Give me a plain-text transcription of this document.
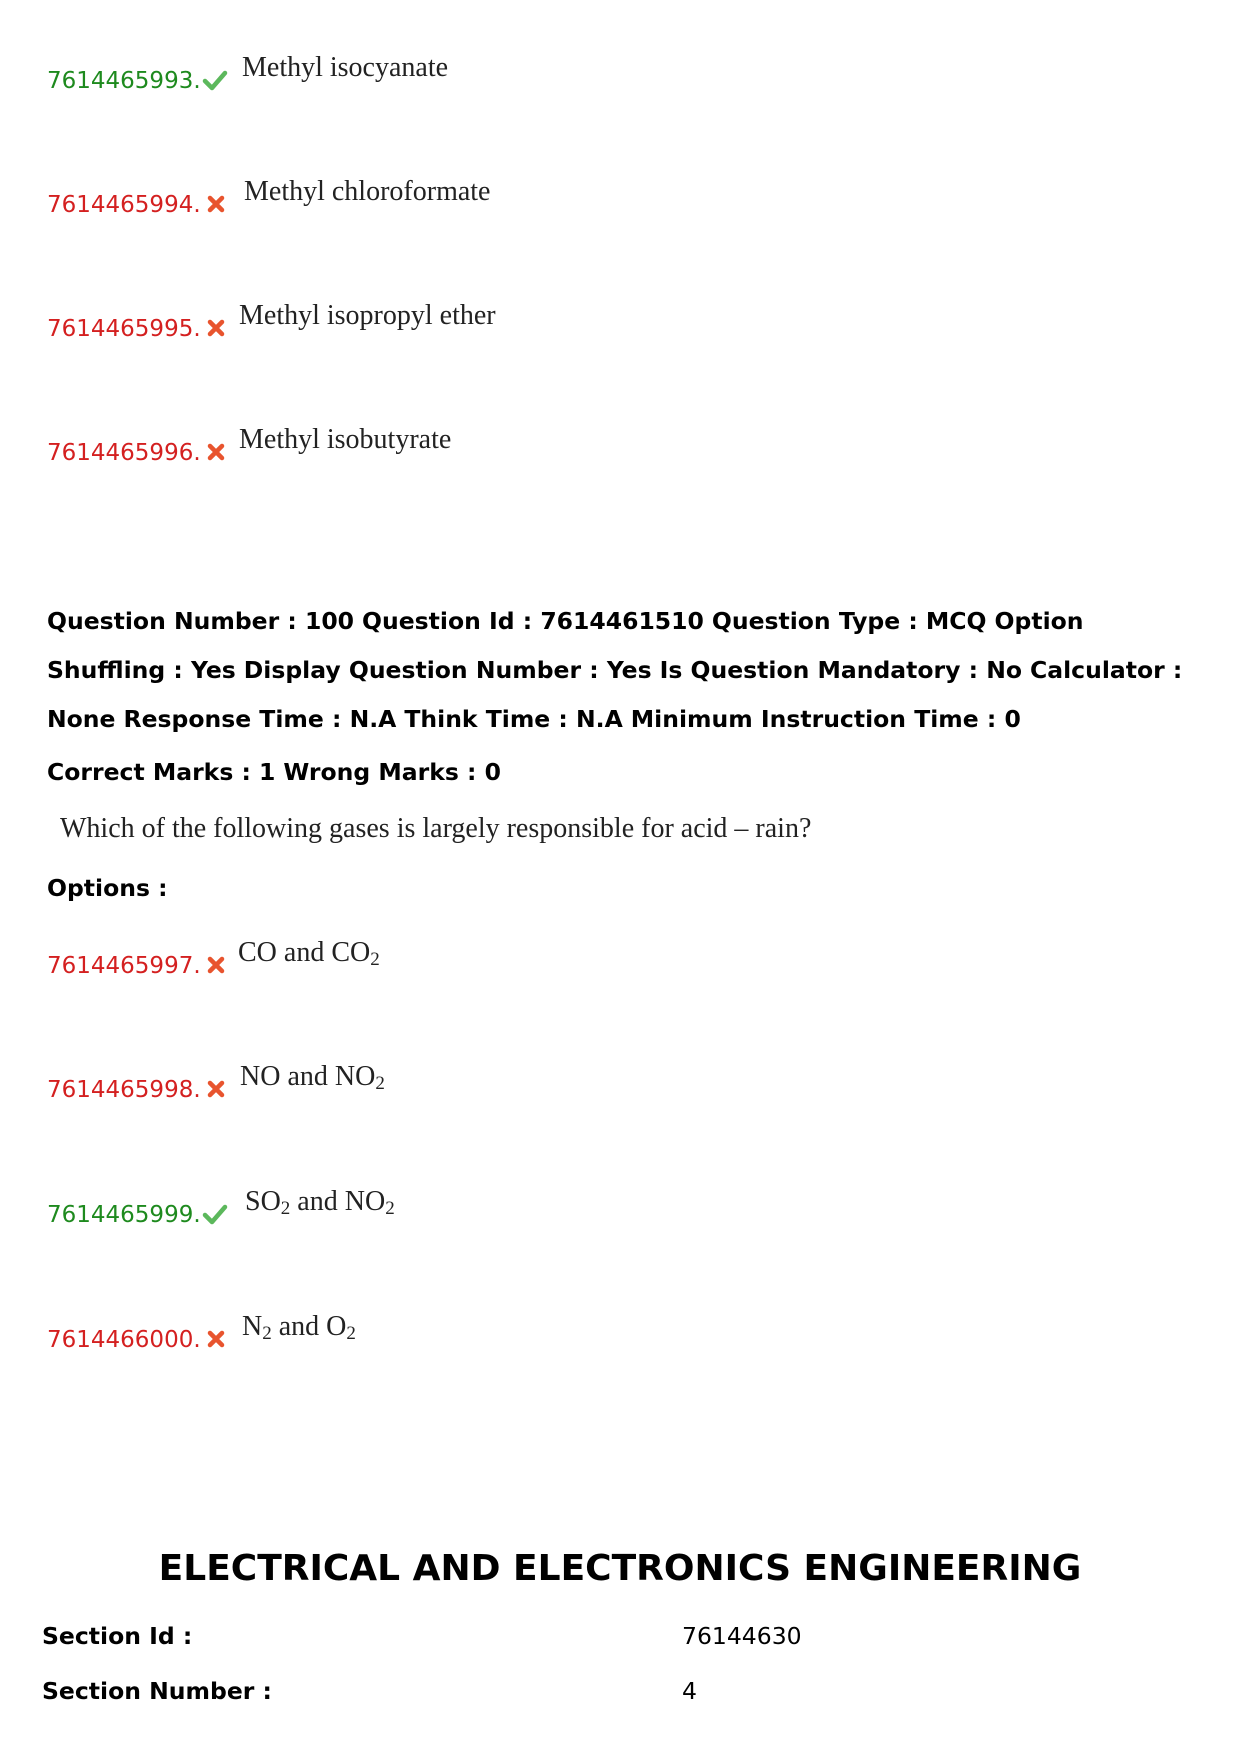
7614465993. Methyl isocyanate
7614465994. Methyl chloroformate
7614465995. Methyl isopropyl ether
7614465996. Methyl isobutyrate
Question Number : 100 Question Id : 7614461510 Question Type : MCQ Option Shuffling : Yes Display Question Number : Yes Is Question Mandatory : No Calculator : None Response Time : N.A Think Time : N.A Minimum Instruction Time : 0
Correct Marks : 1 Wrong Marks : 0
Which of the following gases is largely responsible for acid – rain?
Options :
7614465997. CO and $CO_2$
7614465998. NO and $NO_2$
7614465999. $SO_2$ and $NO_2$
7614466000. $N_2$ and $O_2$
ELECTRICAL AND ELECTRONICS ENGINEERING
Section Id :	76144630
Section Number :	4
